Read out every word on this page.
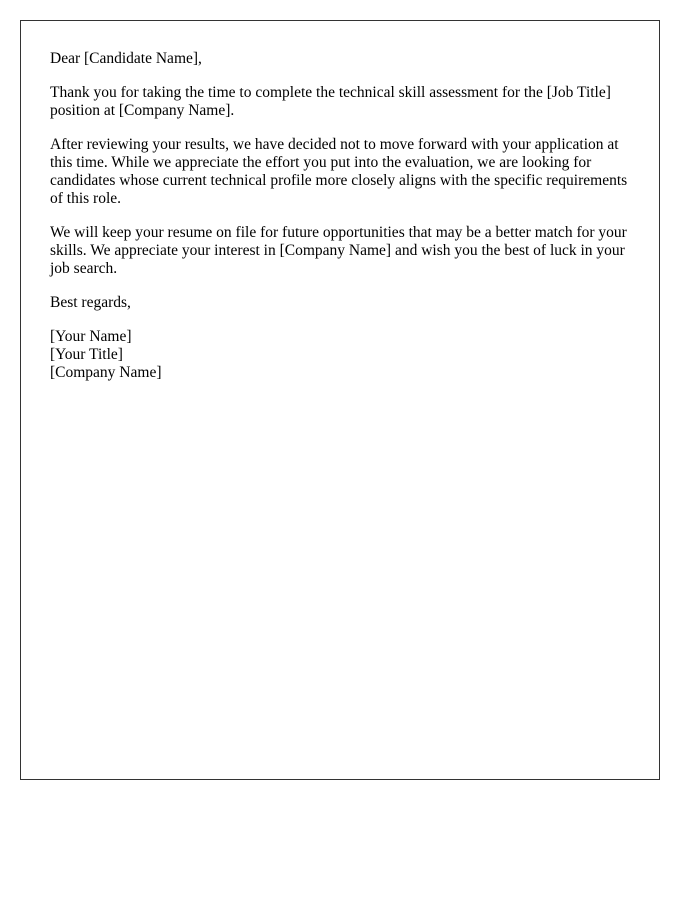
Dear [Candidate Name],

Thank you for taking the time to complete the technical skill assessment for the [Job Title] position at [Company Name].

After reviewing your results, we have decided not to move forward with your application at this time. While we appreciate the effort you put into the evaluation, we are looking for candidates whose current technical profile more closely aligns with the specific requirements of this role.

We will keep your resume on file for future opportunities that may be a better match for your skills. We appreciate your interest in [Company Name] and wish you the best of luck in your job search.

Best regards,

[Your Name]
[Your Title]
[Company Name]
